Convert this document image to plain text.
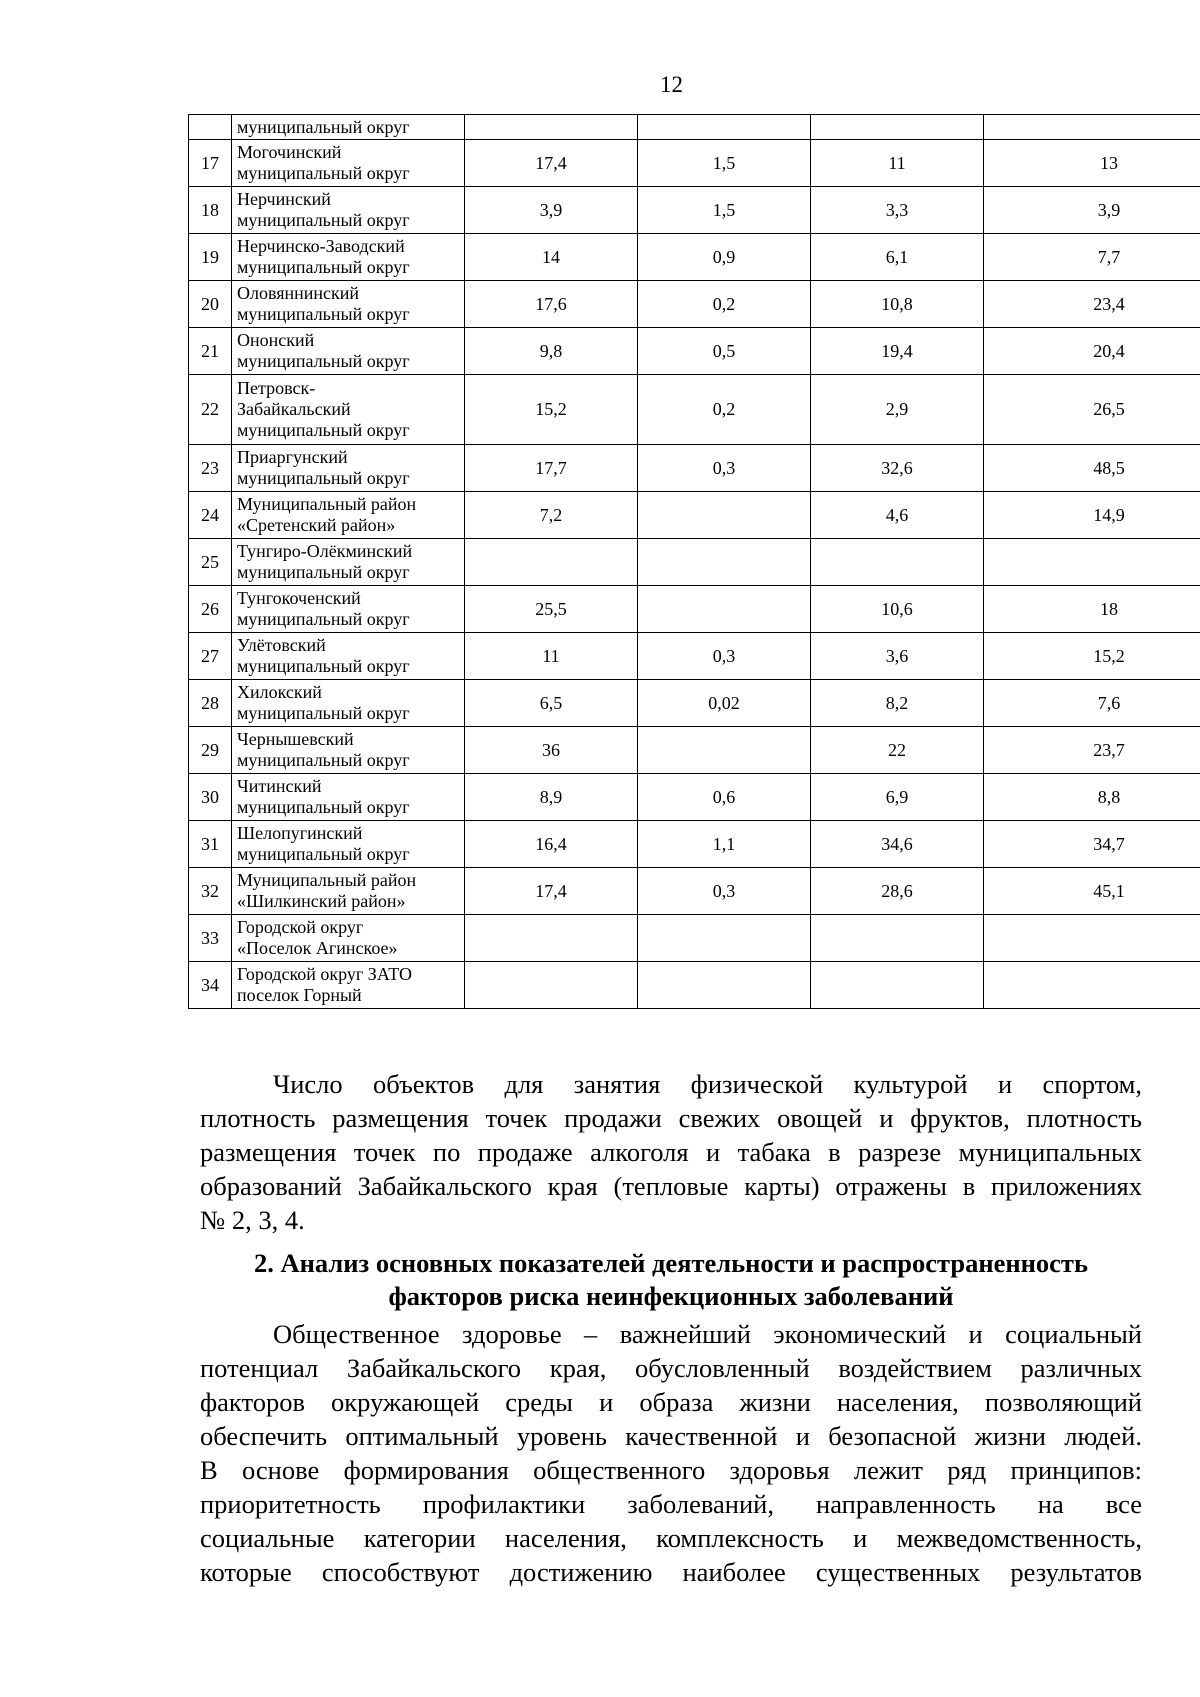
12

	муниципальный округ				

17	Могочинский
муниципальный округ	17,4	1,5	11	13
18	Нерчинский
муниципальный округ	3,9	1,5	3,3	3,9
19	Нерчинско-Заводский
муниципальный округ	14	0,9	6,1	7,7
20	Оловяннинский
муниципальный округ	17,6	0,2	10,8	23,4
21	Ононский
муниципальный округ	9,8	0,5	19,4	20,4
22	Петровск-
Забайкальский
муниципальный округ	15,2	0,2	2,9	26,5
23	Приаргунский
муниципальный округ	17,7	0,3	32,6	48,5
24	Муниципальный район
«Сретенский район»	7,2		4,6	14,9
25	Тунгиро-Олёкминский
муниципальный округ				

26	Тунгокоченский
муниципальный округ	25,5		10,6	18
27	Улётовский
муниципальный округ	11	0,3	3,6	15,2
28	Хилокский
муниципальный округ	6,5	0,02	8,2	7,6
29	Чернышевский
муниципальный округ	36		22	23,7
30	Читинский
муниципальный округ	8,9	0,6	6,9	8,8
31	Шелопугинский
муниципальный округ	16,4	1,1	34,6	34,7
32	Муниципальный район
«Шилкинский район»	17,4	0,3	28,6	45,1
33	Городской округ
«Поселок Агинское»				

34	Городской округ ЗАТО
поселок Горный				

Число объектов для занятия физической культурой и спортом,
плотность размещения точек продажи свежих овощей и фруктов, плотность
размещения точек по продаже алкоголя и табака в разрезе муниципальных
образований Забайкальского края (тепловые карты) отражены в приложениях
№ 2, 3, 4.
2. Анализ основных показателей деятельности и распространенность
факторов риска неинфекционных заболеваний
Общественное здоровье – важнейший экономический и социальный
потенциал Забайкальского края, обусловленный воздействием различных
факторов окружающей среды и образа жизни населения, позволяющий
обеспечить оптимальный уровень качественной и безопасной жизни людей.
В основе формирования общественного здоровья лежит ряд принципов:
приоритетность профилактики заболеваний, направленность на все
социальные категории населения, комплексность и межведомственность,
которые способствуют достижению наиболее существенных результатов
